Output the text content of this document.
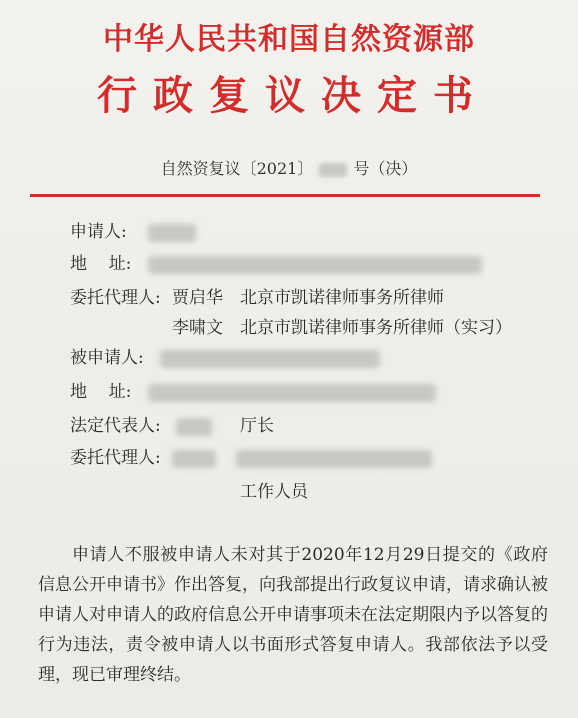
中华人民共和国自然资源部
行政复议决定书
自然资复议〔2021〕	号（决）
申请人:
地    址:
委托代理人: 贾启华 北京市凯诺律师事务所律师
李啸文 北京市凯诺律师事务所律师（实习）
被申请人:
地    址:
法定代表人:	厅长
委托代理人:
工作人员
申请人不服被申请人未对其于2020年12月29日提交的《政府信息公开申请书》作出答复，向我部提出行政复议申请，请求确认被申请人对申请人的政府信息公开申请事项未在法定期限内予以答复的行为违法，责令被申请人以书面形式答复申请人。我部依法予以受理，现已审理终结。
